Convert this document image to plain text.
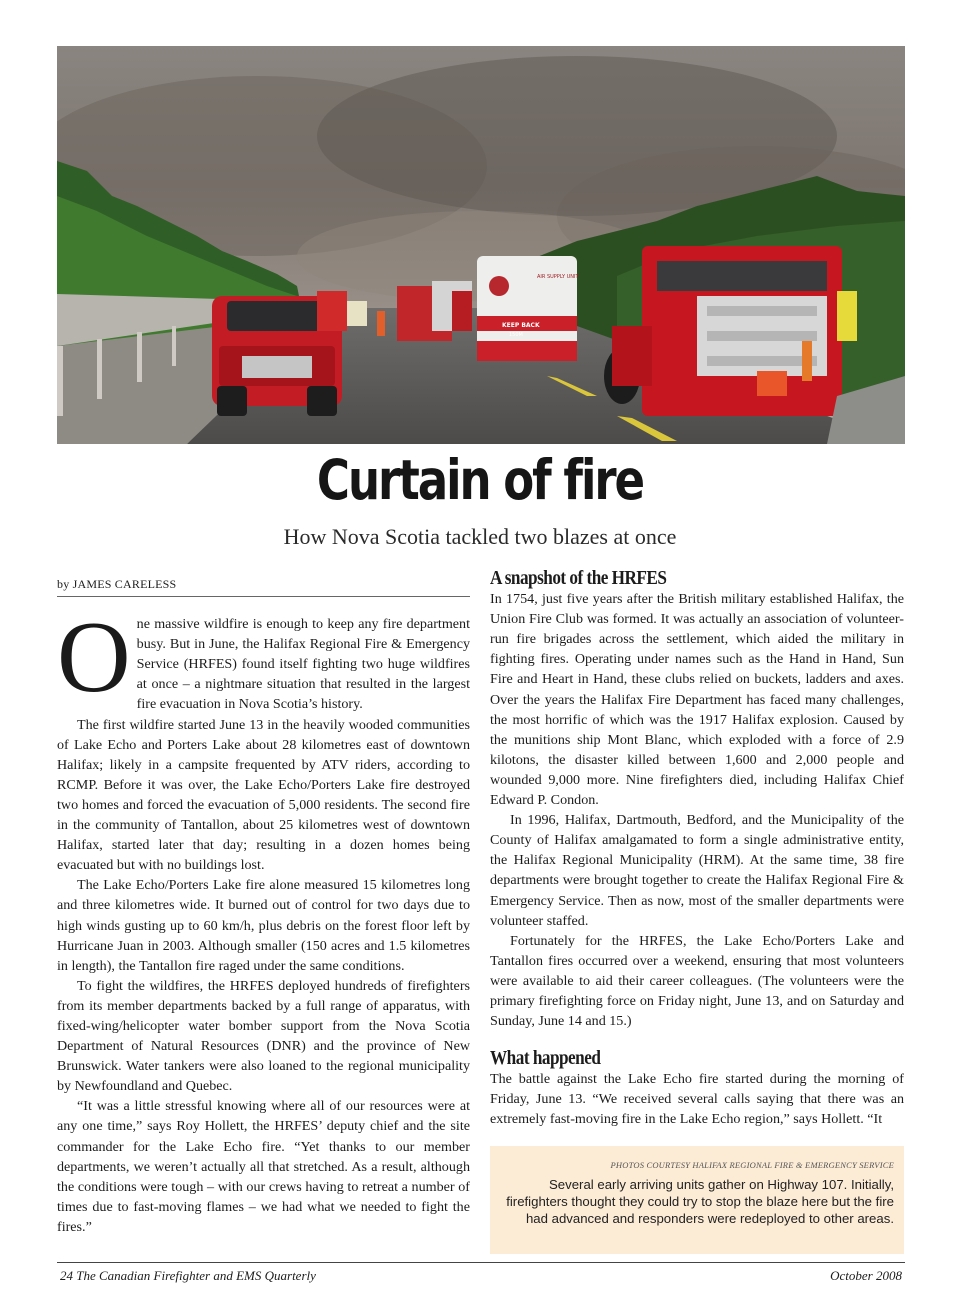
AIR SUPPLY UNIT
KEEP BACK
150M
Curtain of fire
How Nova Scotia tackled two blazes at once
by JAMES CARELESS

One massive wildfire is enough to keep any fire department busy. But in June, the Halifax Regional Fire & Emergency Service (HRFES) found itself fighting two huge wildfires at once – a nightmare situation that resulted in the largest fire evacuation in Nova Scotia’s history.

The first wildfire started June 13 in the heavily wooded communities of Lake Echo and Porters Lake about 28 kilometres east of downtown Halifax; likely in a campsite frequented by ATV riders, according to RCMP. Before it was over, the Lake Echo/Porters Lake fire destroyed two homes and forced the evacuation of 5,000 residents. The second fire in the community of Tantallon, about 25 kilometres west of downtown Halifax, started later that day; resulting in a dozen homes being evacuated but with no buildings lost.

The Lake Echo/Porters Lake fire alone measured 15 kilometres long and three kilometres wide. It burned out of control for two days due to high winds gusting up to 60 km/h, plus debris on the forest floor left by Hurricane Juan in 2003. Although smaller (150 acres and 1.5 kilometres in length), the Tantallon fire raged under the same conditions.

To fight the wildfires, the HRFES deployed hundreds of firefighters from its member departments backed by a full range of apparatus, with fixed-wing/helicopter water bomber support from the Nova Scotia Department of Natural Resources (DNR) and the province of New Brunswick. Water tankers were also loaned to the regional municipality by Newfoundland and Quebec.

“It was a little stressful knowing where all of our resources were at any one time,” says Roy Hollett, the HRFES’ deputy chief and the site commander for the Lake Echo fire. “Yet thanks to our member departments, we weren’t actually all that stretched. As a result, although the conditions were tough – with our crews having to retreat a number of times due to fast-moving flames – we had what we needed to fight the fires.”

A snapshot of the HRFES

In 1754, just five years after the British military established Halifax, the Union Fire Club was formed. It was actually an association of volunteer-run fire brigades across the settlement, which aided the military in fighting fires. Operating under names such as the Hand in Hand, Sun Fire and Heart in Hand, these clubs relied on buckets, ladders and axes. Over the years the Halifax Fire Department has faced many challenges, the most horrific of which was the 1917 Halifax explosion. Caused by the munitions ship Mont Blanc, which exploded with a force of 2.9 kilotons, the disaster killed between 1,600 and 2,000 people and wounded 9,000 more. Nine firefighters died, including Halifax Chief Edward P. Condon.

In 1996, Halifax, Dartmouth, Bedford, and the Municipality of the County of Halifax amalgamated to form a single administrative entity, the Halifax Regional Municipality (HRM). At the same time, 38 fire departments were brought together to create the Halifax Regional Fire & Emergency Service. Then as now, most of the smaller departments were volunteer staffed.

Fortunately for the HRFES, the Lake Echo/Porters Lake and Tantallon fires occurred over a weekend, ensuring that most volunteers were available to aid their career colleagues. (The volunteers were the primary firefighting force on Friday night, June 13, and on Saturday and Sunday, June 14 and 15.)

What happened

The battle against the Lake Echo fire started during the morning of Friday, June 13. “We received several calls saying that there was an extremely fast-moving fire in the Lake Echo region,” says Hollett. “It

PHOTOS COURTESY HALIFAX REGIONAL FIRE & EMERGENCY SERVICE
Several early arriving units gather on Highway 107. Initially, firefighters thought they could try to stop the blaze here but the fire had advanced and responders were redeployed to other areas.
24 The Canadian Firefighter and EMS Quarterly	October 2008
